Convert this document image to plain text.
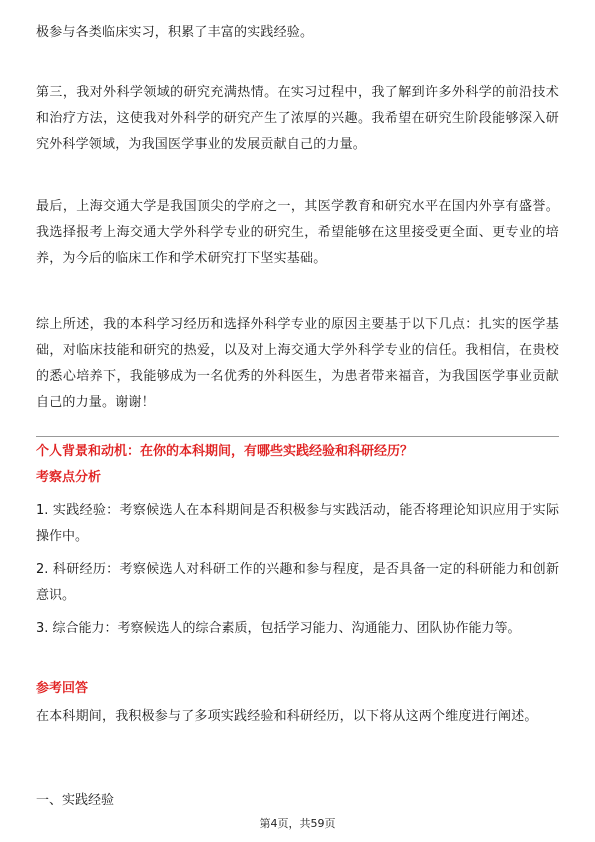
极参与各类临床实习，积累了丰富的实践经验。

第三，我对外科学领域的研究充满热情。在实习过程中，我了解到许多外科学的前沿技术和治疗方法，这使我对外科学的研究产生了浓厚的兴趣。我希望在研究生阶段能够深入研究外科学领域，为我国医学事业的发展贡献自己的力量。

最后，上海交通大学是我国顶尖的学府之一，其医学教育和研究水平在国内外享有盛誉。我选择报考上海交通大学外科学专业的研究生，希望能够在这里接受更全面、更专业的培养，为今后的临床工作和学术研究打下坚实基础。

综上所述，我的本科学习经历和选择外科学专业的原因主要基于以下几点：扎实的医学基础，对临床技能和研究的热爱，以及对上海交通大学外科学专业的信任。我相信，在贵校的悉心培养下，我能够成为一名优秀的外科医生，为患者带来福音，为我国医学事业贡献自己的力量。谢谢！

个人背景和动机：在你的本科期间，有哪些实践经验和科研经历？

考察点分析

1. 实践经验：考察候选人在本科期间是否积极参与实践活动，能否将理论知识应用于实际操作中。
2. 科研经历：考察候选人对科研工作的兴趣和参与程度，是否具备一定的科研能力和创新意识。
3. 综合能力：考察候选人的综合素质，包括学习能力、沟通能力、团队协作能力等。

参考回答

在本科期间，我积极参与了多项实践经验和科研经历，以下将从这两个维度进行阐述。

一、实践经验

第4页，共59页
